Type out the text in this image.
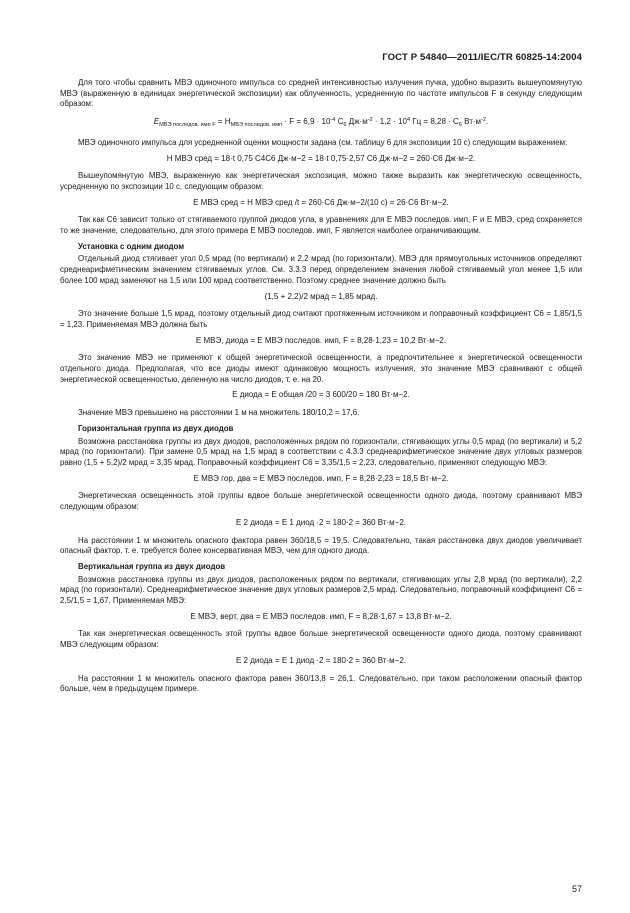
ГОСТ Р 54840—2011/IEC/TR 60825-14:2004

Для того чтобы сравнить МВЭ одиночного импульса со средней интенсивностью излучения пучка, удобно выразить вышеупомянутую МВЭ (выраженную в единицах энергетической экспозиции) как облученность, усредненную по частоте импульсов F в секунду следующим образом:

$E_{МВЭ последов. имп F} = H_{МВЭ последов. имп} \cdot F = 6,9 \cdot 10^{-4}$ $C_6$ $Дж\cdot м^{-2} \cdot 1,2 \cdot 10^4$ Гц = $8,28 \cdot C_6$ $Вт\cdot м^{-2}$.

МВЭ одиночного импульса для усредненной оценки мощности задана (см. таблицу 6 для экспозиции 10 с) следующим выражением:

H МВЭ сред = 18·t 0,75 C4C6 Дж·м−2 = 18·t 0,75·2,57 C6 Дж·м−2 = 260·C6 Дж·м−2.

Вышеупомянутую МВЭ, выраженную как энергетическая экспозиция, можно также выразить как энергетическую освещенность, усредненную по экспозиции 10 с, следующим образом:

E МВЭ сред = H МВЭ сред /t = 260·C6 Дж·м−2/(10 с) = 26·C6 Вт·м−2.

Так как C6 зависит только от стягиваемого группой диодов угла, в уравнениях для E МВЭ последов. имп, F и E МВЭ, сред сохраняется то же значение, следовательно, для этого примера E МВЭ последов. имп, F является наиболее ограничивающим.

Установка с одним диодом

Отдельный диод стягивает угол 0,5 мрад (по вертикали) и 2,2 мрад (по горизонтали). МВЭ для прямоугольных источников определяют среднеарифметическим значением стягиваемых углов. См. 3.3.3 перед определением значения любой стягиваемый угол менее 1,5 или более 100 мрад заменяют на 1,5 или 100 мрад соответственно. Поэтому среднее значение должно быть

(1,5 + 2,2)/2 мрад = 1,85 мрад.

Это значение больше 1,5 мрад, поэтому отдельный диод считают протяженным источником и поправочный коэффициент C6 = 1,85/1,5 = 1,23. Применяемая МВЭ должна быть

E МВЭ, диода = E МВЭ последов. имп, F = 8,28·1,23 = 10,2 Вт·м−2.

Это значение МВЭ не применяют к общей энергетической освещенности, а предпочтительнее к энергетической освещенности отдельного диода. Предполагая, что все диоды имеют одинаковую мощность излучения, это значение МВЭ сравнивают с общей энергетической освещенностью, деленную на число диодов, т. е. на 20.

E диода = E общая /20 = 3 600/20 = 180 Вт·м−2.

Значение МВЭ превышено на расстоянии 1 м на множитель 180/10,2 = 17,6.

Горизонтальная группа из двух диодов

Возможна расстановка группы из двух диодов, расположенных рядом по горизонтали, стягивающих углы 0,5 мрад (по вертикали) и 5,2 мрад (по горизонтали). При замене 0,5 мрад на 1,5 мрад в соответствии с 4.3.3 среднеарифметическое значение двух угловых размеров равно (1,5 + 5,2)/2 мрад = 3,35 мрад. Поправочный коэффициент C6 = 3,35/1,5 = 2,23, следовательно, применяют следующую МВЭ:

E МВЭ гор, два = E МВЭ последов. имп, F = 8,28·2,23 = 18,5 Вт·м−2.

Энергетическая освещенность этой группы вдвое больше энергетической освещенности одного диода, поэтому сравнивают МВЭ следующим образом:

E 2 диода = E 1 диод ·2 = 180·2 = 360 Вт·м−2.

На расстоянии 1 м множитель опасного фактора равен 360/18,5 = 19,5. Следовательно, такая расстановка двух диодов увеличивает опасный фактор, т. е. требуется более консервативная МВЭ, чем для одного диода.

Вертикальная группа из двух диодов

Возможна расстановка группы из двух диодов, расположенных рядом по вертикали, стягивающих углы 2,8 мрад (по вертикали), 2,2 мрад (по горизонтали). Среднеарифметическое значение двух угловых размеров 2,5 мрад. Следовательно, поправочный коэффициент C6 = 2,5/1,5 = 1,67. Применяемая МВЭ:

E МВЭ, верт, два = E МВЭ последов. имп, F = 8,28·1,67 = 13,8 Вт·м−2.

Так как энергетическая освещенность этой группы вдвое больше энергетической освещенности одного диода, поэтому сравнивают МВЭ следующим образом:

E 2 диода = E 1 диод ·2 = 180·2 = 360 Вт·м−2.

На расстоянии 1 м множитель опасного фактора равен 360/13,8 = 26,1. Следовательно, при таком расположении опасный фактор больше, чем в предыдущем примере.

57
